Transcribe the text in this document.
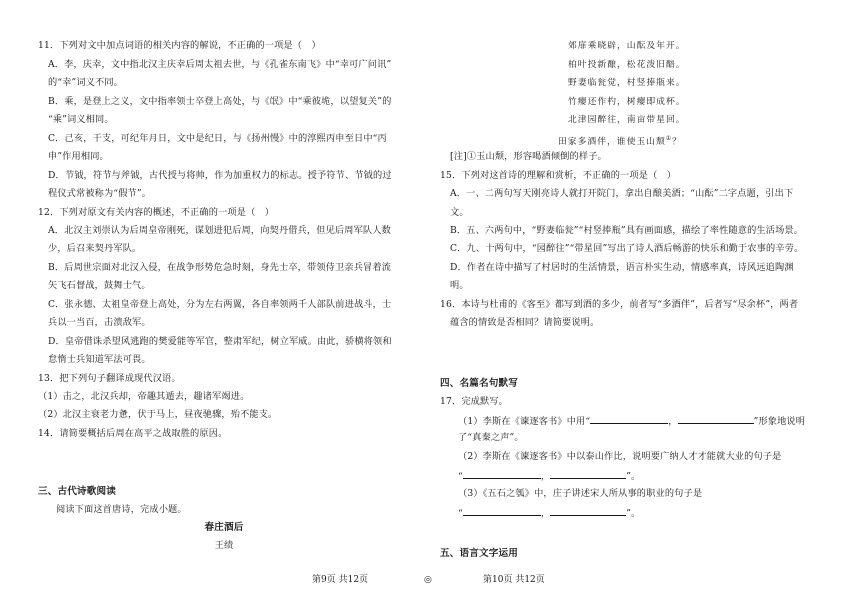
11．下列对文中加点词语的相关内容的解说，不正确的一项是（　）
A．李，庆幸，文中指北汉主庆幸后周太祖去世，与《孔雀东南飞》中“幸可广问讯”
的“幸”词义不同。
B．乘，是登上之义，文中指率领士卒登上高处，与《氓》中“乘彼垝，以望复关”的
“乘”词义相同。
C．己亥，干支，可纪年月日，文中是纪日，与《扬州慢》中的淳熙丙申至日中“丙
申”作用相同。
D．节钺，符节与斧钺，古代授与将帅，作为加重权力的标志。授予符节、节钺的过
程仪式常被称为“假节”。
12．下列对原文有关内容的概述，不正确的一项是（　）
A．北汉主刘崇认为后周皇帝刚死，谋划进犯后周，向契丹借兵，但见后周军队人数
少，后召来契丹军队。
B．后周世宗面对北汉入侵，在战争形势危急时刻，身先士卒，带领侍卫亲兵冒着流
矢飞石督战，鼓舞士气。
C．张永德、太祖皇帝登上高处，分为左右两翼，各自率领两千人部队前进战斗，士
兵以一当百，击溃敌军。
D．皇帝借诛杀望风逃跑的樊爱能等军官，整肃军纪，树立军威。由此，骄横将领和
怠惰士兵知道军法可畏。
13．把下列句子翻译成现代汉语。
（1）击之，北汉兵却，帝趣其遁去，趣诸军竭进。
（2）北汉主衰老力惫，伏于马上，昼夜驰骤，殆不能支。
14．请简要概括后周在高平之战取胜的原因。
三、古代诗歌阅读
阅读下面这首唐诗，完成小题。
春庄酒后
王绩
郊扉乘晓辟，山酝及年开。
柏叶投新酿，松花泼旧醅。
野妻临瓮觉，村竖捧瓶来。
竹瘿还作杓，树瘿即成杯。
北津园醉往，南亩带星回。
田家多酒伴，谁使玉山颓①？
[注]①玉山颓，形容喝酒倾倒的样子。
15．下列对这首诗的理解和赏析，不正确的一项是（　）
A．一、二两句写天刚亮诗人就打开院门，拿出自酿美酒；“山酝”二字点题，引出下
文。
B．五、六两句中，“野妻临瓮”“村竖捧瓶”具有画面感，描绘了率性随意的生活场景。
C．九、十两句中，“园醉往”“带星回”写出了诗人酒后畅游的快乐和勤于农事的辛劳。
D．作者在诗中描写了村居时的生活情景，语言朴实生动，情感率真，诗风远追陶渊
明。
16．本诗与杜甫的《客至》都写到酒的多少，前者写“多酒伴”，后者写“尽余杯”，两者
蕴含的情致是否相同？请简要说明。
四、名篇名句默写
17．完成默写。
（1）李斯在《谏逐客书》中用“	，	”形象地说明
了“真秦之声”。
（2）李斯在《谏逐客书》中以泰山作比，说明要广纳人才才能就大业的句子是
“	，	”。
（3）《五石之瓠》中，庄子讲述宋人所从事的职业的句子是
“	，	”。
五、语言文字运用
第9页 共12页	◎	第10页 共12页
